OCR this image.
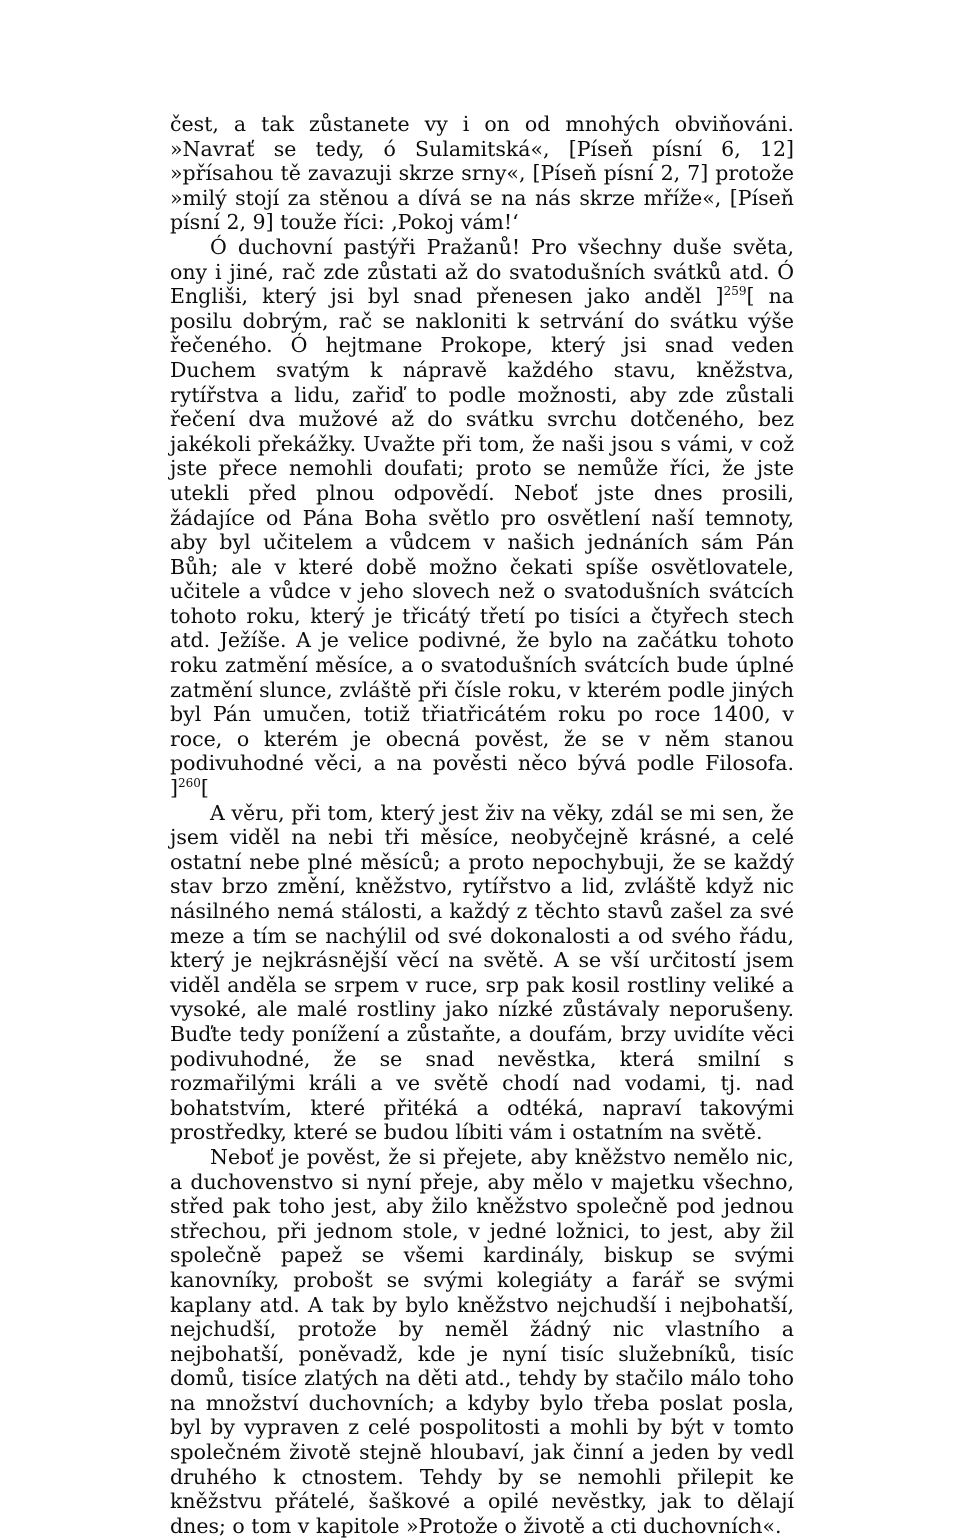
čest, a tak zůstanete vy i on od mnohých obviňováni. »Navrať se tedy, ó Sulamitská«, [Píseň písní 6, 12] »přísahou tě zavazuji skrze srny«, [Píseň písní 2, 7] protože »milý stojí za stěnou a dívá se na nás skrze mříže«, [Píseň písní 2, 9] touže říci: ‚Pokoj vám!‘

Ó duchovní pastýři Pražanů! Pro všechny duše světa, ony i jiné, rač zde zůstati až do svatodušních svátků atd. Ó Engliši, který jsi byl snad přenesen jako anděl ]$^{259}$[ na posilu dobrým, rač se nakloniti k setrvání do svátku výše řečeného. Ó hejtmane Prokope, který jsi snad veden Duchem svatým k nápravě každého stavu, kněžstva, rytířstva a lidu, zařiď to podle možnosti, aby zde zůstali řečení dva mužové až do svátku svrchu dotčeného, bez jakékoli překážky. Uvažte při tom, že naši jsou s vámi, v což jste přece nemohli doufati; proto se nemůže říci, že jste utekli před plnou odpovědí. Neboť jste dnes prosili, žádajíce od Pána Boha světlo pro osvětlení naší temnoty, aby byl učitelem a vůdcem v našich jednáních sám Pán Bůh; ale v které době možno čekati spíše osvětlovatele, učitele a vůdce v jeho slovech než o svatodušních svátcích tohoto roku, který je třicátý třetí po tisíci a čtyřech stech atd. Ježíše. A je velice podivné, že bylo na začátku tohoto roku zatmění měsíce, a o svatodušních svátcích bude úplné zatmění slunce, zvláště při čísle roku, v kterém podle jiných byl Pán umučen, totiž třiatřicátém roku po roce 1400, v roce, o kterém je obecná pověst, že se v něm stanou podivuhodné věci, a na pověsti něco bývá podle Filosofa. ]$^{260}$[

A věru, při tom, který jest živ na věky, zdál se mi sen, že jsem viděl na nebi tři měsíce, neobyčejně krásné, a celé ostatní nebe plné měsíců; a proto nepochybuji, že se každý stav brzo změní, kněžstvo, rytířstvo a lid, zvláště když nic násilného nemá stálosti, a každý z těchto stavů zašel za své meze a tím se nachýlil od své dokonalosti a od svého řádu, který je nejkrásnější věcí na světě. A se vší určitostí jsem viděl anděla se srpem v ruce, srp pak kosil rostliny veliké a vysoké, ale malé rostliny jako nízké zůstávaly neporušeny. Buďte tedy ponížení a zůstaňte, a doufám, brzy uvidíte věci podivuhodné, že se snad nevěstka, která smilní s rozmařilými králi a ve světě chodí nad vodami, tj. nad bohatstvím, které přitéká a odtéká, napraví takovými prostředky, které se budou líbiti vám i ostatním na světě.

Neboť je pověst, že si přejete, aby kněžstvo nemělo nic, a duchovenstvo si nyní přeje, aby mělo v majetku všechno, střed pak toho jest, aby žilo kněžstvo společně pod jednou střechou, při jednom stole, v jedné ložnici, to jest, aby žil společně papež se všemi kardinály, biskup se svými kanovníky, probošt se svými kolegiáty a farář se svými kaplany atd. A tak by bylo kněžstvo nejchudší i nejbohatší, nejchudší, protože by neměl žádný nic vlastního a nejbohatší, poněvadž, kde je nyní tisíc služebníků, tisíc domů, tisíce zlatých na děti atd., tehdy by stačilo málo toho na množství duchovních; a kdyby bylo třeba poslat posla, byl by vypraven z celé pospolitosti a mohli by být v tomto společném životě stejně hloubaví, jak činní a jeden by vedl druhého k ctnostem. Tehdy by se nemohli přilepit ke kněžstvu přátelé, šaškové a opilé nevěstky, jak to dělají dnes; o tom v kapitole »Protože o životě a cti duchovních«.
